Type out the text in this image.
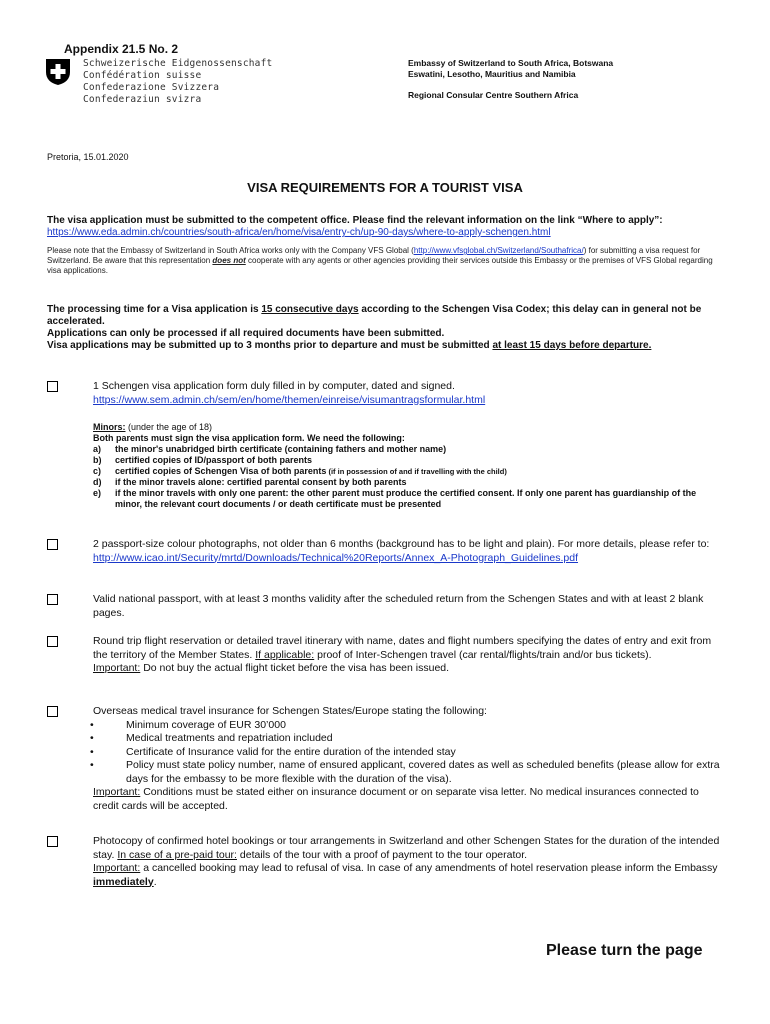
Appendix 21.5 No. 2
Schweizerische Eidgenossenschaft
Confédération suisse
Confederazione Svizzera
Confederaziun svizra
Embassy of Switzerland to South Africa, Botswana
Eswatini, Lesotho, Mauritius and Namibia
Regional Consular Centre Southern Africa
Pretoria, 15.01.2020
VISA REQUIREMENTS FOR A TOURIST VISA
The visa application must be submitted to the competent office. Please find the relevant information on the link “Where to apply”: https://www.eda.admin.ch/countries/south-africa/en/home/visa/entry-ch/up-90-days/where-to-apply-schengen.html
Please note that the Embassy of Switzerland in South Africa works only with the Company VFS Global (http://www.vfsglobal.ch/Switzerland/Southafrica/) for submitting a visa request for Switzerland. Be aware that this representation does not cooperate with any agents or other agencies providing their services outside this Embassy or the premises of VFS Global regarding visa applications.
The processing time for a Visa application is 15 consecutive days according to the Schengen Visa Codex; this delay can in general not be accelerated.
Applications can only be processed if all required documents have been submitted.
Visa applications may be submitted up to 3 months prior to departure and must be submitted at least 15 days before departure.
1 Schengen visa application form duly filled in by computer, dated and signed.
https://www.sem.admin.ch/sem/en/home/themen/einreise/visumantragsformular.html
Minors: (under the age of 18)
Both parents must sign the visa application form. We need the following:
a)	the minor's unabridged birth certificate (containing fathers and mother name)
b)	certified copies of ID/passport of both parents
c)	certified copies of Schengen Visa of both parents (if in possession of and if travelling with the child)
d)	if the minor travels alone: certified parental consent by both parents
e)	if the minor travels with only one parent: the other parent must produce the certified consent. If only one parent has guardianship of the minor, the relevant court documents / or death certificate must be presented
2 passport-size colour photographs, not older than 6 months (background has to be light and plain). For more details, please refer to: http://www.icao.int/Security/mrtd/Downloads/Technical%20Reports/Annex_A-Photograph_Guidelines.pdf
Valid national passport, with at least 3 months validity after the scheduled return from the Schengen States and with at least 2 blank pages.
Round trip flight reservation or detailed travel itinerary with name, dates and flight numbers specifying the dates of entry and exit from the territory of the Member States. If applicable: proof of Inter-Schengen travel (car rental/flights/train and/or bus tickets).
Important: Do not buy the actual flight ticket before the visa has been issued.
Overseas medical travel insurance for Schengen States/Europe stating the following:
•	Minimum coverage of EUR 30’000
•	Medical treatments and repatriation included
•	Certificate of Insurance valid for the entire duration of the intended stay
•	Policy must state policy number, name of ensured applicant, covered dates as well as scheduled benefits (please allow for extra days for the embassy to be more flexible with the duration of the visa).
Important: Conditions must be stated either on insurance document or on separate visa letter. No medical insurances connected to credit cards will be accepted.
Photocopy of confirmed hotel bookings or tour arrangements in Switzerland and other Schengen States for the duration of the intended stay. In case of a pre-paid tour: details of the tour with a proof of payment to the tour operator.
Important: a cancelled booking may lead to refusal of visa. In case of any amendments of hotel reservation please inform the Embassy immediately.
Please turn the page
